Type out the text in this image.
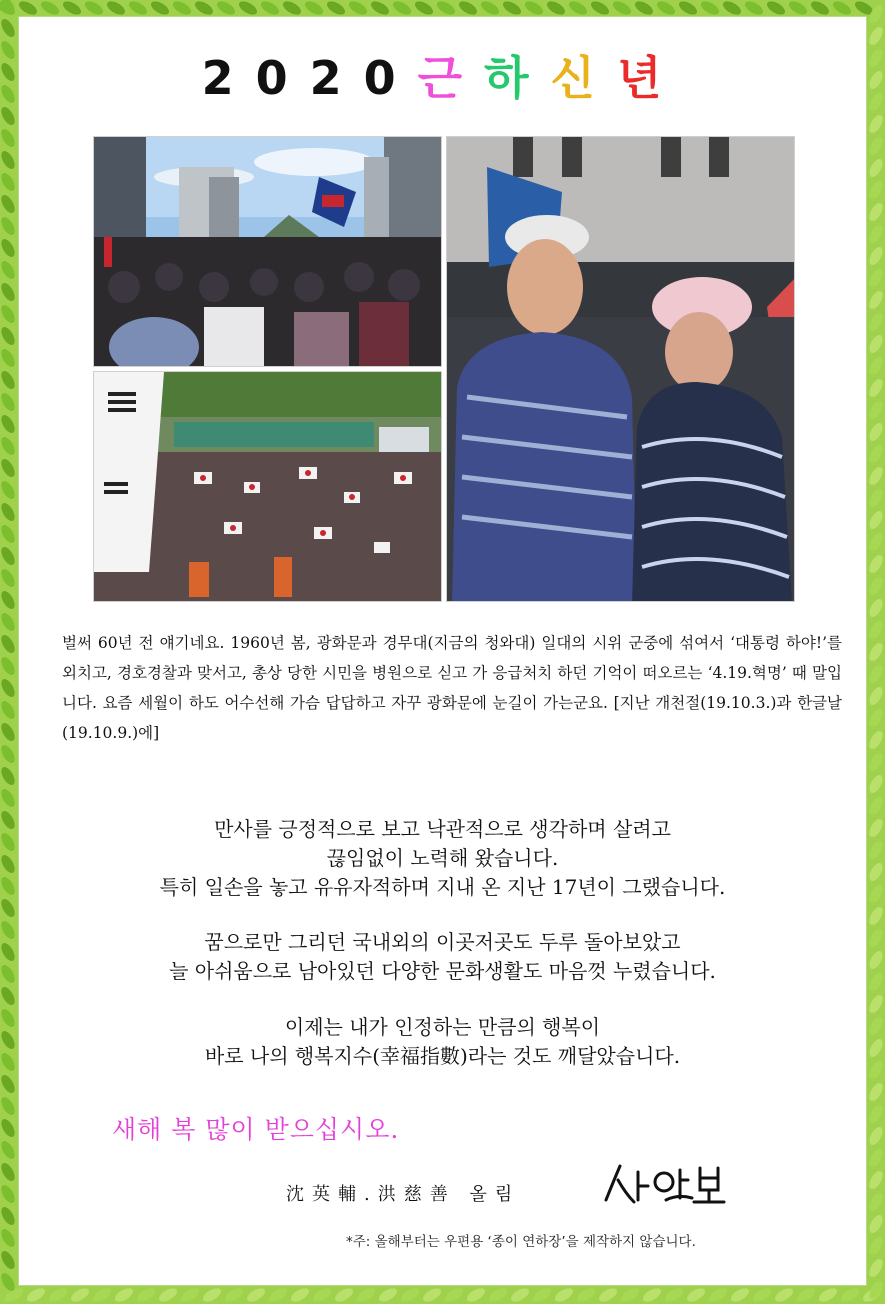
2020근하신년
벌써 60년 전 얘기네요. 1960년 봄, 광화문과 경무대(지금의 청와대) 일대의 시위 군중에 섞여서 ‘대통령 하야!’를 외치고, 경호경찰과 맞서고, 총상 당한 시민을 병원으로 싣고 가 응급처치 하던 기억이 떠오르는 ‘4.19.혁명’ 때 말입니다. 요즘 세월이 하도 어수선해 가슴 답답하고 자꾸 광화문에 눈길이 가는군요. [지난 개천절(19.10.3.)과 한글날(19.10.9.)에]
만사를 긍정적으로 보고 낙관적으로 생각하며 살려고
끊임없이 노력해 왔습니다.
특히 일손을 놓고 유유자적하며 지내 온 지난 17년이 그랬습니다.
꿈으로만 그리던 국내외의 이곳저곳도 두루 돌아보았고
늘 아쉬움으로 남아있던 다양한 문화생활도 마음껏 누렸습니다.
이제는 내가 인정하는 만큼의 행복이
바로 나의 행복지수(幸福指數)라는 것도 깨달았습니다.
새해 복 많이 받으십시오.
沈英輔.洪慈善 올림
*주: 올해부터는 우편용 ‘종이 연하장’을 제작하지 않습니다.
